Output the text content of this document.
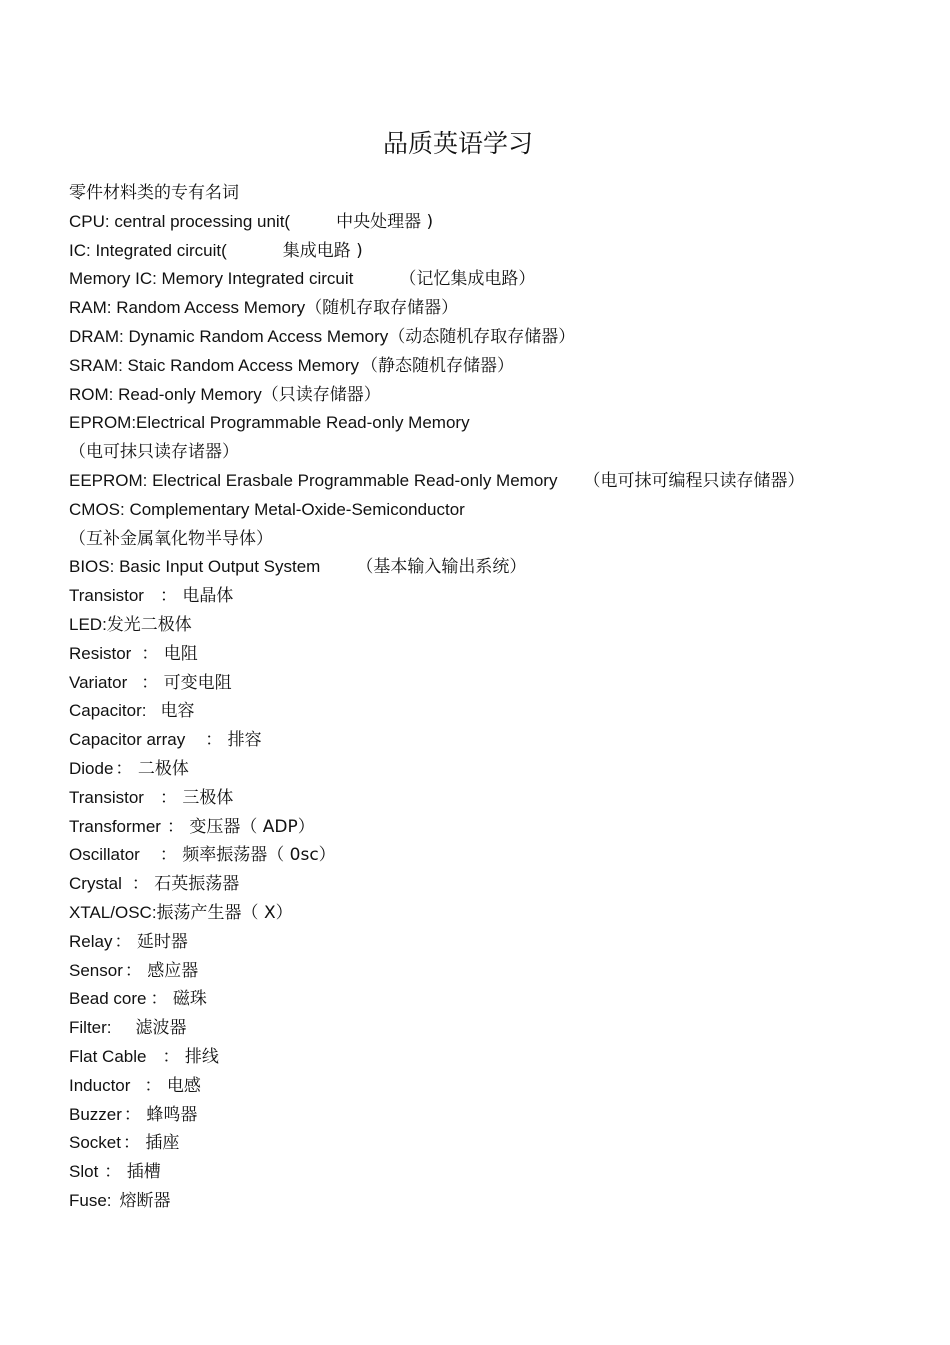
品质英语学习
零件材料类的专有名词
CPU: central processing unit(	中央处理器 )
IC: Integrated circuit(	集成电路 )
Memory IC: Memory Integrated circuit	（记忆集成电路）
RAM: Random Access Memory（随机存取存储器）
DRAM: Dynamic Random Access Memory（动态随机存取存储器）
SRAM: Staic Random Access Memory （静态随机存储器）
ROM: Read-only Memory（只读存储器）
EPROM:Electrical Programmable Read-only Memory
（电可抹只读存诸器）
EEPROM: Electrical Erasbale Programmable Read-only Memory （电可抹可编程只读存储器）
CMOS: Complementary Metal-Oxide-Semiconductor
（互补金属氧化物半导体）
BIOS: Basic Input Output System （基本输入输出系统）
Transistor ： 电晶体
LED:发光二极体
Resistor ： 电阻
Variator ： 可变电阻
Capacitor: 电容
Capacitor array ： 排容
Diode ： 二极体
Transistor ： 三极体
Transformer ： 变压器（ ADP）
Oscillator ： 频率振荡器（ 0sc）
Crystal ： 石英振荡器
XTAL/OSC:振荡产生器（ X）
Relay ： 延时器
Sensor ： 感应器
Bead core ： 磁珠
Filter: 滤波器
Flat Cable ： 排线
Inductor ： 电感
Buzzer ： 蜂鸣器
Socket ： 插座
Slot ： 插槽
Fuse: 熔断器
